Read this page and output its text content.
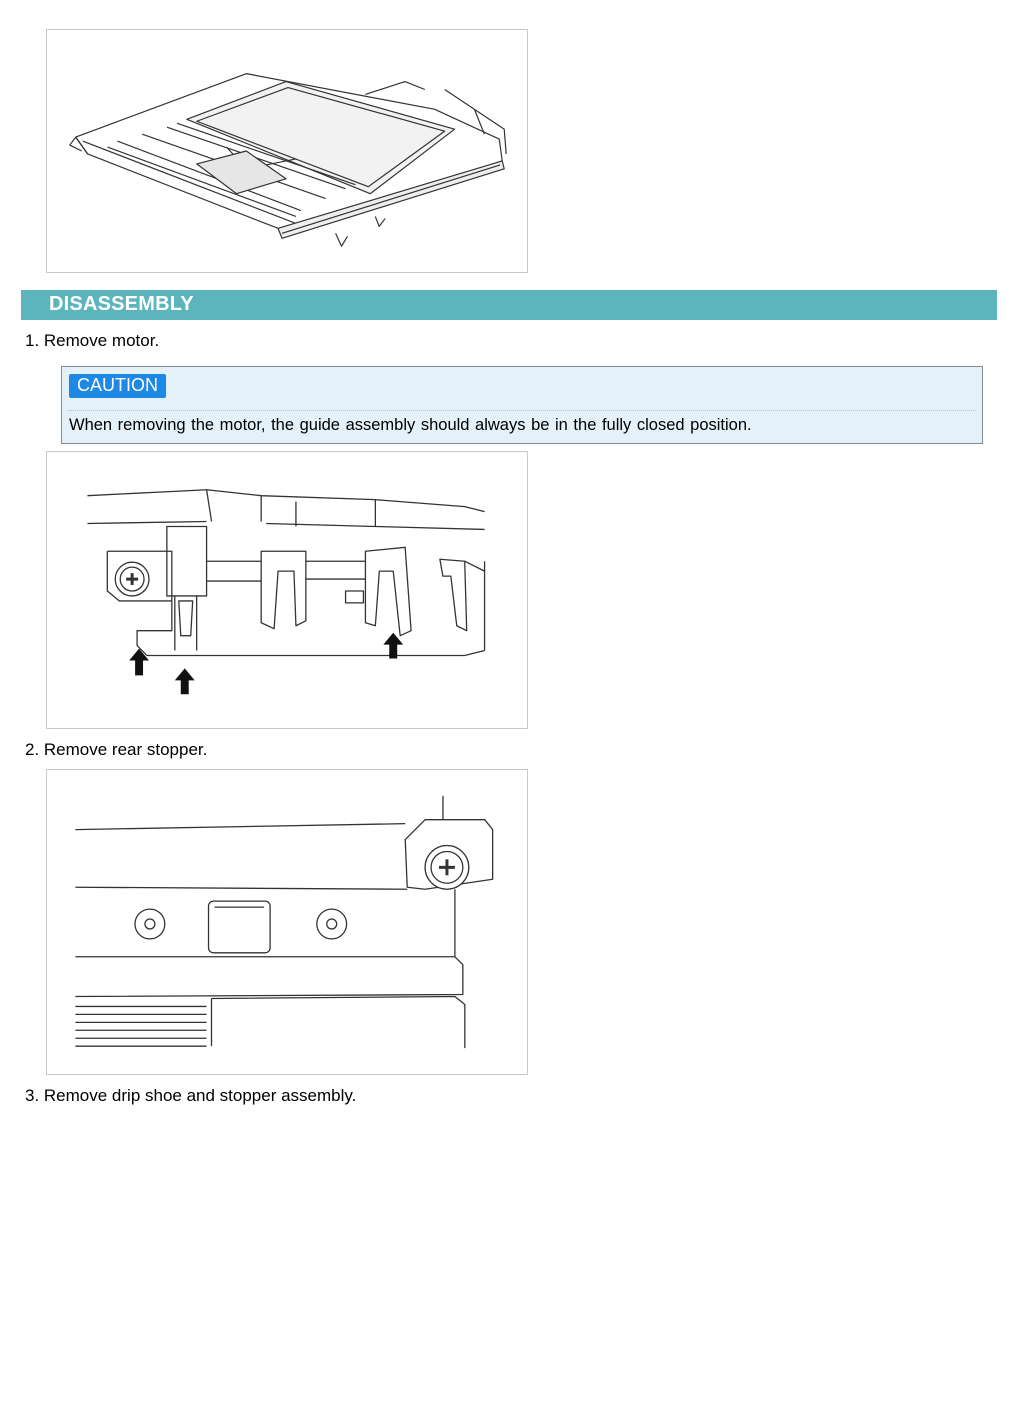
DISASSEMBLY
1. Remove motor.
CAUTION
When removing the motor, the guide assembly should always be in the fully closed position.
2. Remove rear stopper.
3. Remove drip shoe and stopper assembly.
